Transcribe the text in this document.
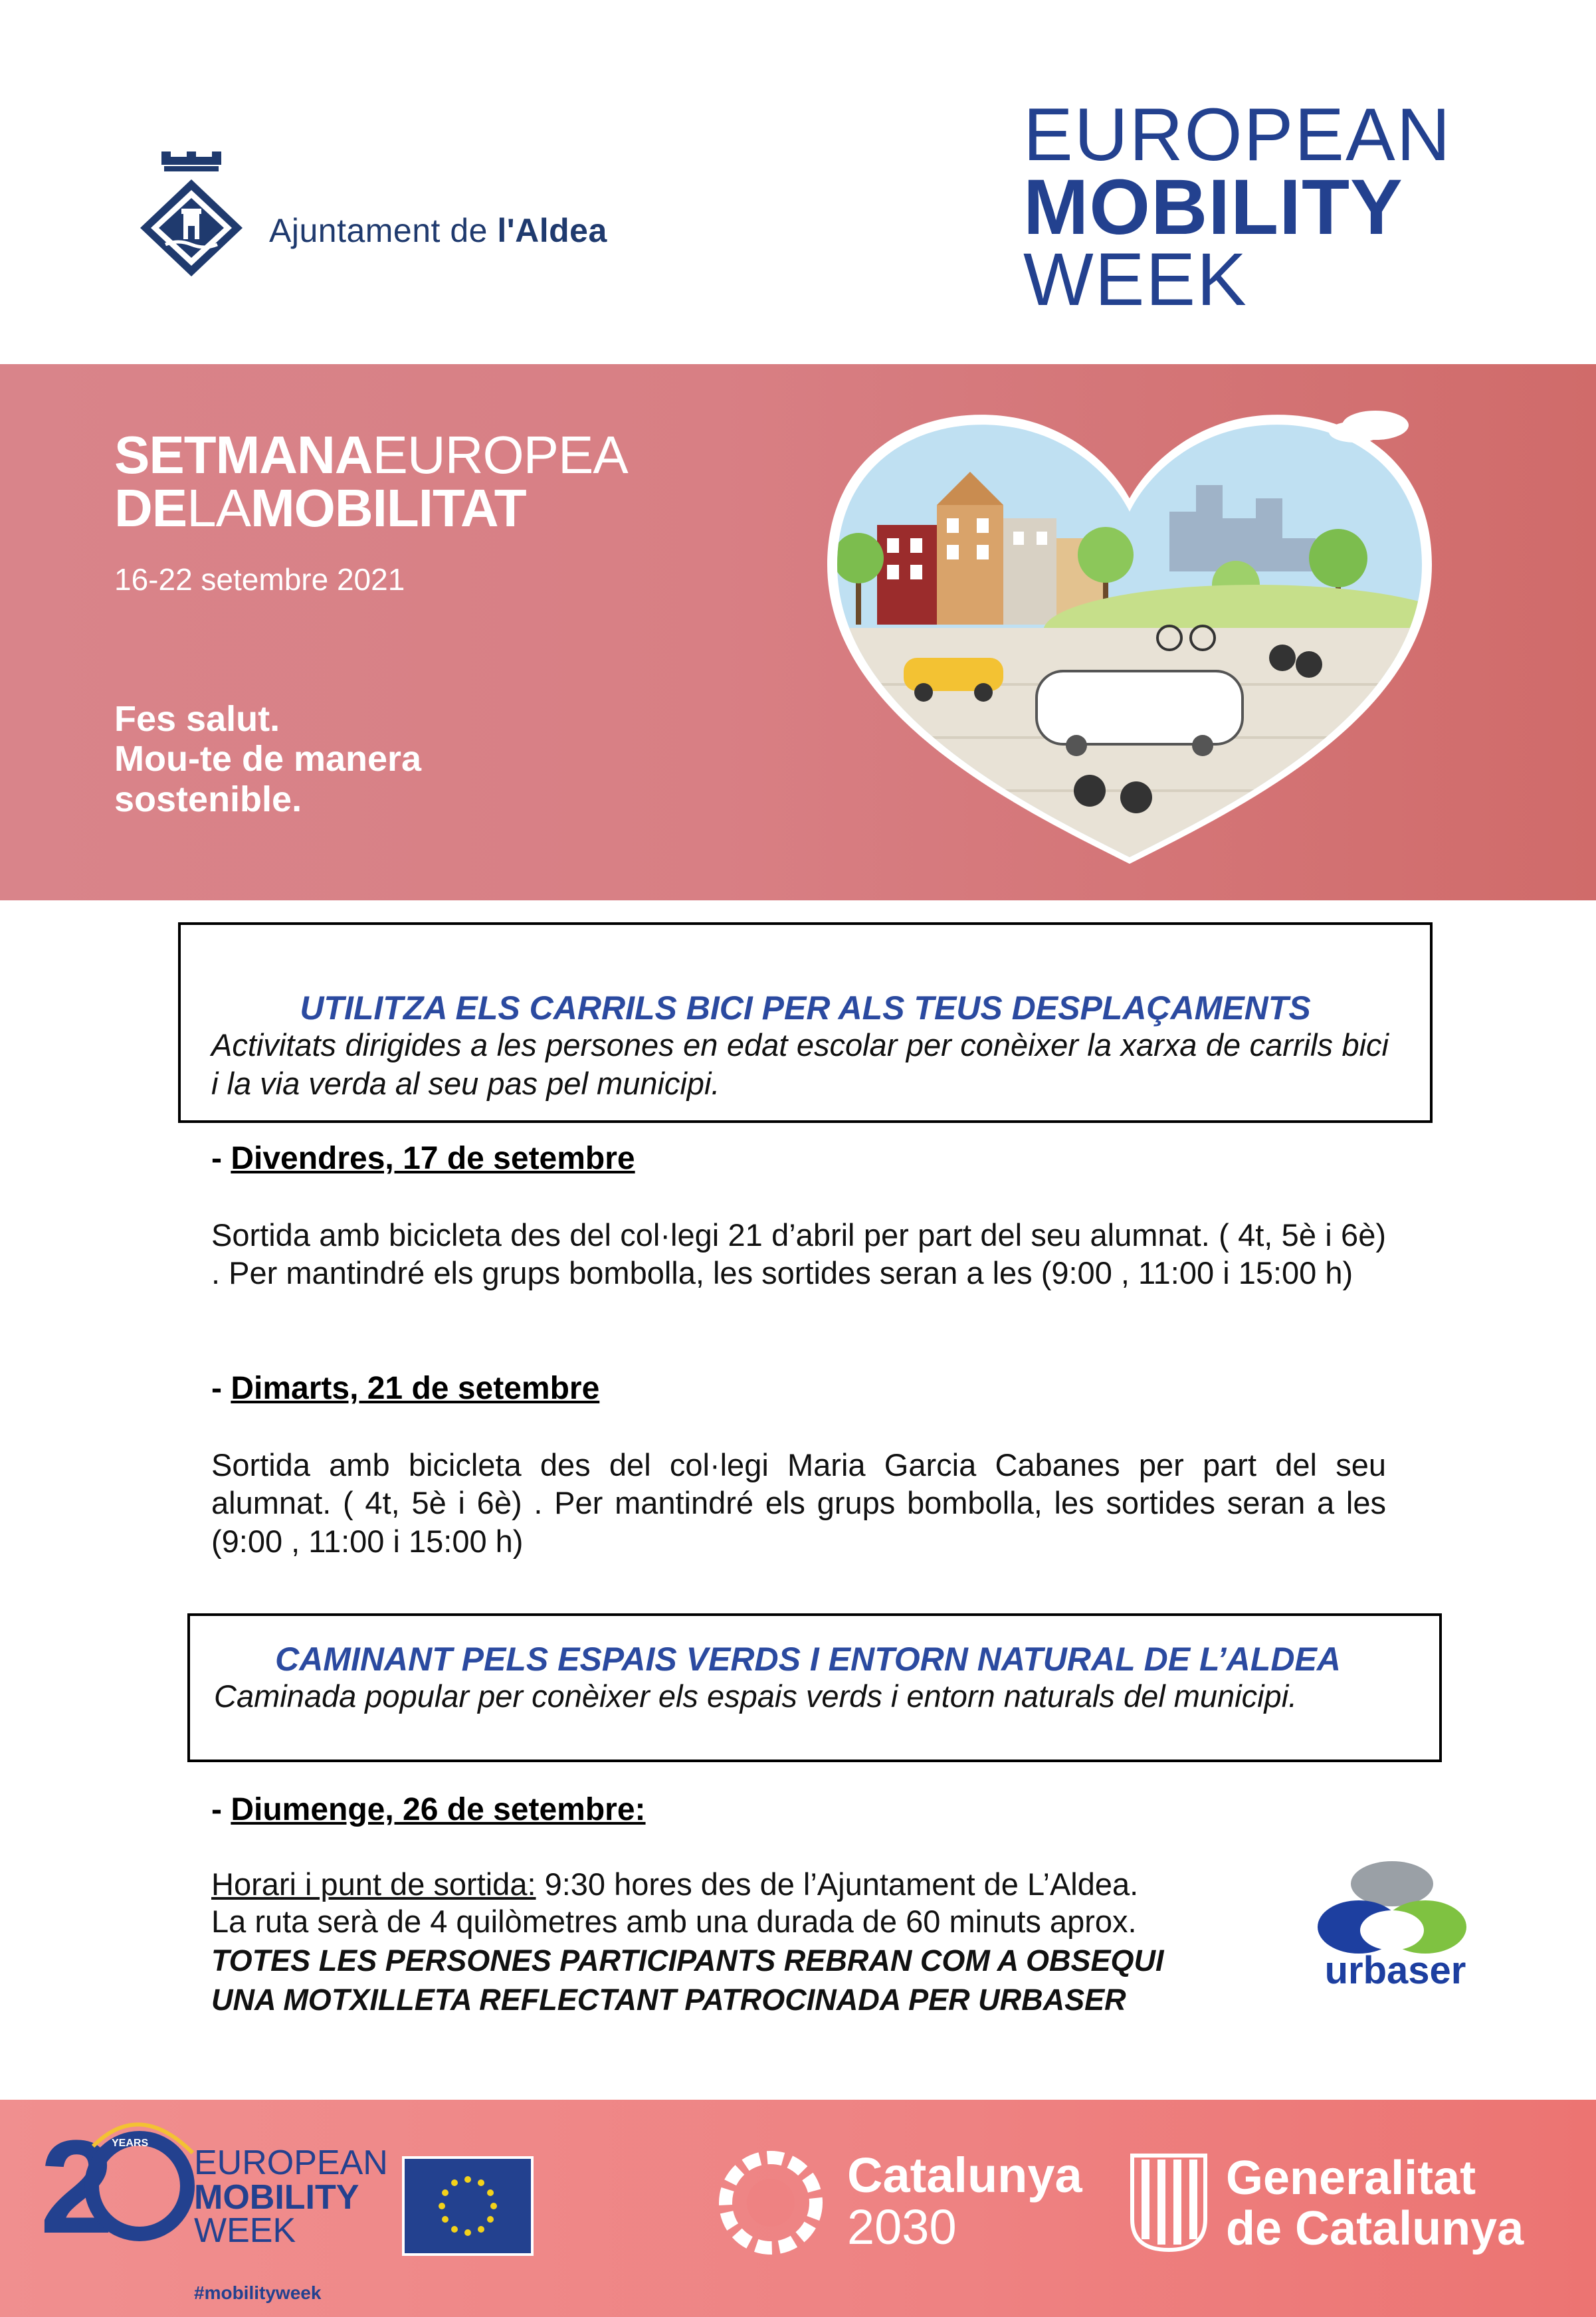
Ajuntament de l'Aldea
EUROPEAN
MOBILITY
WEEK
SETMANAEUROPEA
DELAMOBILITAT
16-22 setembre 2021
Fes salut.
Mou-te de manera
sostenible.
UTILITZA ELS CARRILS BICI PER ALS TEUS DESPLAÇAMENTS
Activitats dirigides a les persones en edat escolar per conèixer la xarxa de carrils bici i la via verda al seu pas pel municipi.
- Divendres, 17 de setembre
Sortida amb bicicleta des del col·legi 21 d’abril per part del seu alumnat. ( 4t, 5è i 6è) . Per mantindré els grups bombolla, les sortides seran a les (9:00 , 11:00 i 15:00 h)
- Dimarts, 21 de setembre
Sortida amb bicicleta des del col·legi Maria Garcia Cabanes per part del seu alumnat. ( 4t, 5è i 6è) . Per mantindré els grups bombolla, les sortides seran a les (9:00 , 11:00 i 15:00 h)
CAMINANT PELS ESPAIS VERDS I ENTORN NATURAL DE L’ALDEA
Caminada popular per conèixer els espais verds i entorn naturals del municipi.
- Diumenge, 26 de setembre:
Horari i punt de sortida: 9:30 hores des de l’Ajuntament de L’Aldea.
La ruta serà de 4 quilòmetres amb una durada de 60 minuts aprox.
TOTES LES PERSONES PARTICIPANTS REBRAN COM A OBSEQUI
UNA MOTXILLETA REFLECTANT PATROCINADA PER URBASER
urbaser
2
YEARS
EUROPEAN
MOBILITY
WEEK
#mobilityweek
Catalunya
2030
Generalitat
de Catalunya
